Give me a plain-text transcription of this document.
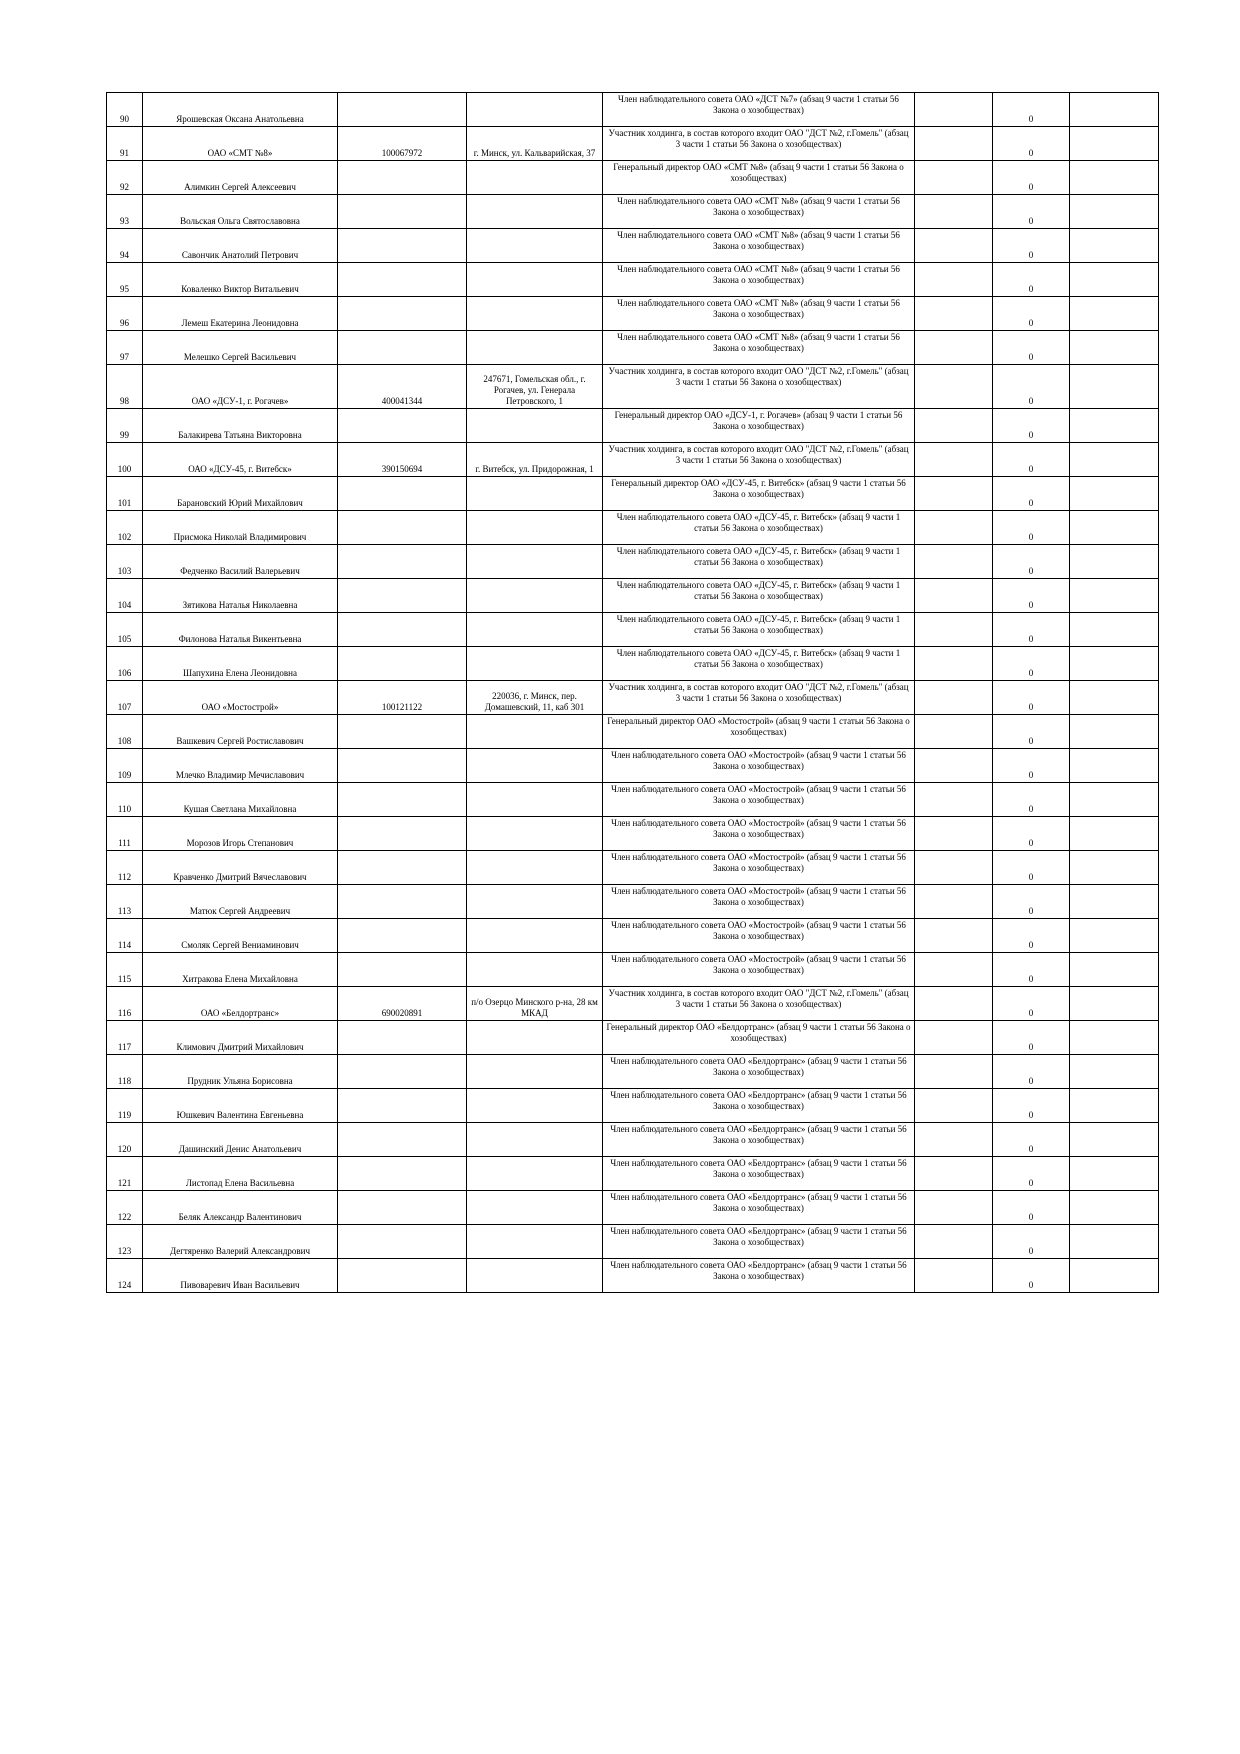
90	Ярошевская Оксана Анатольевна			Член наблюдательного совета ОАО «ДСТ №7» (абзац 9 части 1 статьи 56 Закона о хозобществах)		0	
91	ОАО «СМТ №8»	100067972	г. Минск, ул. Кальварийская, 37	Участник холдинга, в состав которого входит ОАО "ДСТ №2, г.Гомель" (абзац 3 части 1 статьи 56 Закона о хозобществах)		0	
92	Алимкин Сергей Алексеевич			Генеральный директор ОАО «СМТ №8» (абзац 9 части 1 статьи 56 Закона о хозобществах)		0	
93	Вольская Ольга Святославовна			Член наблюдательного совета ОАО «СМТ №8» (абзац 9 части 1 статьи 56 Закона о хозобществах)		0	
94	Савончик Анатолий Петрович			Член наблюдательного совета ОАО «СМТ №8» (абзац 9 части 1 статьи 56 Закона о хозобществах)		0	
95	Коваленко Виктор Витальевич			Член наблюдательного совета ОАО «СМТ №8» (абзац 9 части 1 статьи 56 Закона о хозобществах)		0	
96	Лемеш Екатерина Леонидовна			Член наблюдательного совета ОАО «СМТ №8» (абзац 9 части 1 статьи 56 Закона о хозобществах)		0	
97	Мелешко Сергей Васильевич			Член наблюдательного совета ОАО «СМТ №8» (абзац 9 части 1 статьи 56 Закона о хозобществах)		0	
98	ОАО «ДСУ-1, г. Рогачев»	400041344	247671, Гомельская обл., г. Рогачев, ул. Генерала Петровского, 1	Участник холдинга, в состав которого входит ОАО "ДСТ №2, г.Гомель" (абзац 3 части 1 статьи 56 Закона о хозобществах)		0	
99	Балакирева Татьяна Викторовна			Генеральный директор ОАО «ДСУ-1, г. Рогачев» (абзац 9 части 1 статьи 56 Закона о хозобществах)		0	
100	ОАО «ДСУ-45, г. Витебск»	390150694	г. Витебск, ул. Придорожная, 1	Участник холдинга, в состав которого входит ОАО "ДСТ №2, г.Гомель" (абзац 3 части 1 статьи 56 Закона о хозобществах)		0	
101	Барановский Юрий Михайлович			Генеральный директор ОАО «ДСУ-45, г. Витебск» (абзац 9 части 1 статьи 56 Закона о хозобществах)		0	
102	Присмока Николай Владимирович			Член наблюдательного совета ОАО «ДСУ-45, г. Витебск» (абзац 9 части 1 статьи 56 Закона о хозобществах)		0	
103	Федченко Василий Валерьевич			Член наблюдательного совета ОАО «ДСУ-45, г. Витебск» (абзац 9 части 1 статьи 56 Закона о хозобществах)		0	
104	Зятикова Наталья Николаевна			Член наблюдательного совета ОАО «ДСУ-45, г. Витебск» (абзац 9 части 1 статьи 56 Закона о хозобществах)		0	
105	Филонова Наталья Викентьевна			Член наблюдательного совета ОАО «ДСУ-45, г. Витебск» (абзац 9 части 1 статьи 56 Закона о хозобществах)		0	
106	Шапухина Елена Леонидовна			Член наблюдательного совета ОАО «ДСУ-45, г. Витебск» (абзац 9 части 1 статьи 56 Закона о хозобществах)		0	
107	ОАО «Мостострой»	100121122	220036, г. Минск, пер. Домашевский, 11, каб 301	Участник холдинга, в состав которого входит ОАО "ДСТ №2, г.Гомель" (абзац 3 части 1 статьи 56 Закона о хозобществах)		0	
108	Вашкевич Сергей Ростиславович			Генеральный директор ОАО «Мостострой» (абзац 9 части 1 статьи 56 Закона о хозобществах)		0	
109	Млечко Владимир Мечиславович			Член наблюдательного совета ОАО «Мостострой» (абзац 9 части 1 статьи 56 Закона о хозобществах)		0	
110	Кушая Светлана Михайловна			Член наблюдательного совета ОАО «Мостострой» (абзац 9 части 1 статьи 56 Закона о хозобществах)		0	
111	Морозов Игорь Степанович			Член наблюдательного совета ОАО «Мостострой» (абзац 9 части 1 статьи 56 Закона о хозобществах)		0	
112	Кравченко Дмитрий Вячеславович			Член наблюдательного совета ОАО «Мостострой» (абзац 9 части 1 статьи 56 Закона о хозобществах)		0	
113	Матюк Сергей Андреевич			Член наблюдательного совета ОАО «Мостострой» (абзац 9 части 1 статьи 56 Закона о хозобществах)		0	
114	Смоляк Сергей Вениаминович			Член наблюдательного совета ОАО «Мостострой» (абзац 9 части 1 статьи 56 Закона о хозобществах)		0	
115	Хитракова Елена Михайловна			Член наблюдательного совета ОАО «Мостострой» (абзац 9 части 1 статьи 56 Закона о хозобществах)		0	
116	ОАО «Белдортранс»	690020891	п/о Озерцо Минского р-на, 28 км МКАД	Участник холдинга, в состав которого входит ОАО "ДСТ №2, г.Гомель" (абзац 3 части 1 статьи 56 Закона о хозобществах)		0	
117	Климович Дмитрий Михайлович			Генеральный директор ОАО «Белдортранс» (абзац 9 части 1 статьи 56 Закона о хозобществах)		0	
118	Прудник Ульяна Борисовна			Член наблюдательного совета ОАО «Белдортранс» (абзац 9 части 1 статьи 56 Закона о хозобществах)		0	
119	Юшкевич Валентина Евгеньевна			Член наблюдательного совета ОАО «Белдортранс» (абзац 9 части 1 статьи 56 Закона о хозобществах)		0	
120	Дашинский Денис Анатольевич			Член наблюдательного совета ОАО «Белдортранс» (абзац 9 части 1 статьи 56 Закона о хозобществах)		0	
121	Листопад Елена Васильевна			Член наблюдательного совета ОАО «Белдортранс» (абзац 9 части 1 статьи 56 Закона о хозобществах)		0	
122	Беляк Александр Валентинович			Член наблюдательного совета ОАО «Белдортранс» (абзац 9 части 1 статьи 56 Закона о хозобществах)		0	
123	Дегтяренко Валерий Александрович			Член наблюдательного совета ОАО «Белдортранс» (абзац 9 части 1 статьи 56 Закона о хозобществах)		0	
124	Пивоваревич Иван Васильевич			Член наблюдательного совета ОАО «Белдортранс» (абзац 9 части 1 статьи 56 Закона о хозобществах)		0	
